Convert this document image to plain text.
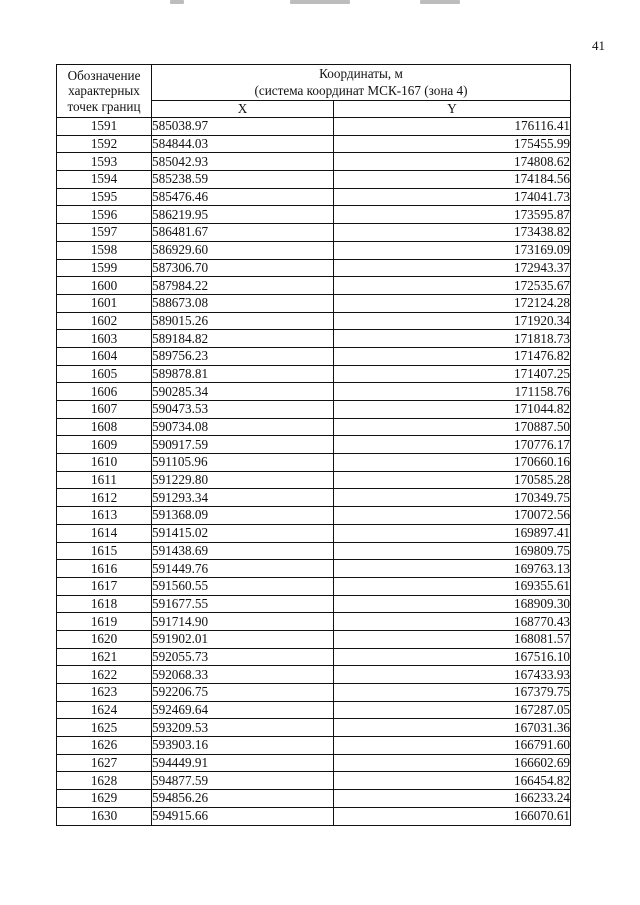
41
Обозначение
характерных
точек границ	Координаты, м
(система координат МСК-167 (зона 4)	

	X	Y
1591	585038.97	176116.41
1592	584844.03	175455.99
1593	585042.93	174808.62
1594	585238.59	174184.56
1595	585476.46	174041.73
1596	586219.95	173595.87
1597	586481.67	173438.82
1598	586929.60	173169.09
1599	587306.70	172943.37
1600	587984.22	172535.67
1601	588673.08	172124.28
1602	589015.26	171920.34
1603	589184.82	171818.73
1604	589756.23	171476.82
1605	589878.81	171407.25
1606	590285.34	171158.76
1607	590473.53	171044.82
1608	590734.08	170887.50
1609	590917.59	170776.17
1610	591105.96	170660.16
1611	591229.80	170585.28
1612	591293.34	170349.75
1613	591368.09	170072.56
1614	591415.02	169897.41
1615	591438.69	169809.75
1616	591449.76	169763.13
1617	591560.55	169355.61
1618	591677.55	168909.30
1619	591714.90	168770.43
1620	591902.01	168081.57
1621	592055.73	167516.10
1622	592068.33	167433.93
1623	592206.75	167379.75
1624	592469.64	167287.05
1625	593209.53	167031.36
1626	593903.16	166791.60
1627	594449.91	166602.69
1628	594877.59	166454.82
1629	594856.26	166233.24
1630	594915.66	166070.61
